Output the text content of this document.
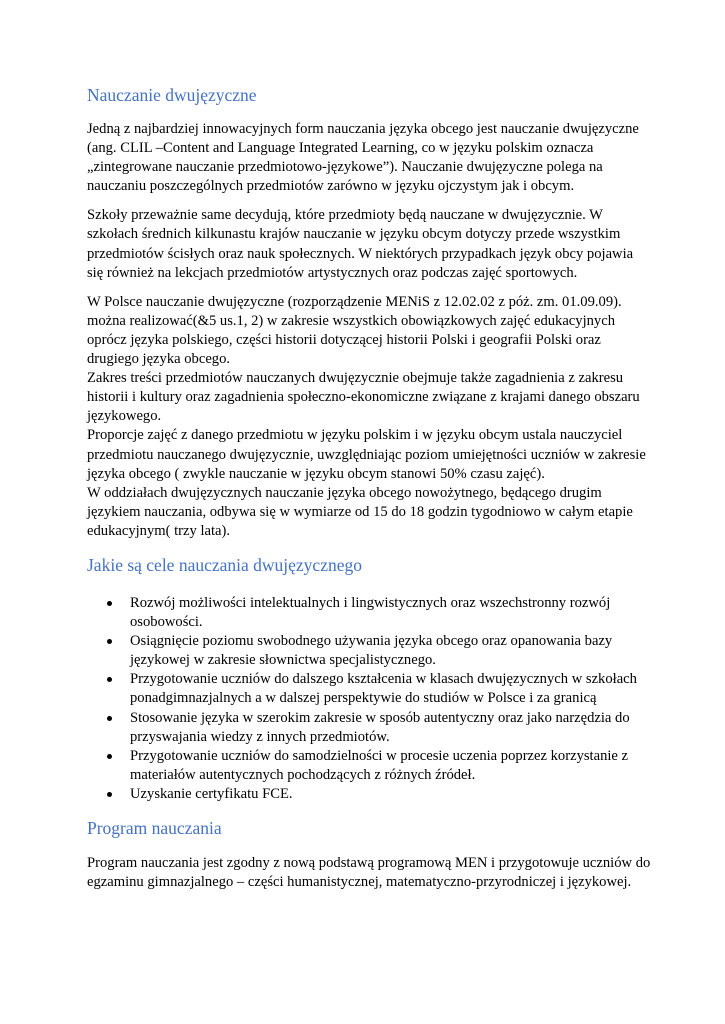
Nauczanie dwujęzyczne

Jedną z najbardziej innowacyjnych form nauczania języka obcego jest nauczanie dwujęzyczne (ang. CLIL –Content and Language Integrated Learning, co w języku polskim oznacza „zintegrowane nauczanie przedmiotowo-językowe”). Nauczanie dwujęzyczne polega na nauczaniu poszczególnych przedmiotów zarówno w języku ojczystym jak i obcym.

Szkoły przeważnie same decydują, które przedmioty będą nauczane w dwujęzycznie. W szkołach średnich kilkunastu krajów nauczanie w języku obcym dotyczy przede wszystkim przedmiotów ścisłych oraz nauk społecznych. W niektórych przypadkach język obcy pojawia się również na lekcjach przedmiotów artystycznych oraz podczas zajęć sportowych.

W Polsce nauczanie dwujęzyczne (rozporządzenie MENiS z 12.02.02 z póż. zm. 01.09.09). można realizować(&5 us.1, 2) w zakresie wszystkich obowiązkowych zajęć edukacyjnych oprócz języka polskiego, części historii dotyczącej historii Polski i geografii Polski oraz drugiego języka obcego.

Zakres treści przedmiotów nauczanych dwujęzycznie obejmuje także zagadnienia z zakresu historii i kultury oraz zagadnienia społeczno-ekonomiczne związane z krajami danego obszaru językowego.

Proporcje zajęć z danego przedmiotu w języku polskim i w języku obcym ustala nauczyciel przedmiotu nauczanego dwujęzycznie, uwzględniając poziom umiejętności uczniów w zakresie języka obcego ( zwykle nauczanie w języku obcym stanowi 50% czasu zajęć).

W oddziałach dwujęzycznych nauczanie języka obcego nowożytnego, będącego drugim językiem nauczania, odbywa się w wymiarze od 15 do 18 godzin tygodniowo w całym etapie edukacyjnym( trzy lata).

Jakie są cele nauczania dwujęzycznego
Rozwój możliwości intelektualnych i lingwistycznych oraz wszechstronny rozwój osobowości.
Osiągnięcie poziomu swobodnego używania języka obcego oraz opanowania bazy językowej w zakresie słownictwa specjalistycznego.
Przygotowanie uczniów do dalszego kształcenia w klasach dwujęzycznych w szkołach ponadgimnazjalnych a w dalszej perspektywie do studiów w Polsce i za granicą
Stosowanie języka w szerokim zakresie w sposób autentyczny oraz jako narzędzia do przyswajania wiedzy z innych przedmiotów.
Przygotowanie uczniów do samodzielności w procesie uczenia poprzez korzystanie z materiałów autentycznych pochodzących z różnych źródeł.
Uzyskanie certyfikatu FCE.
Program nauczania

Program nauczania jest zgodny z nową podstawą programową MEN i przygotowuje uczniów do egzaminu gimnazjalnego – części humanistycznej, matematyczno-przyrodniczej i językowej.
